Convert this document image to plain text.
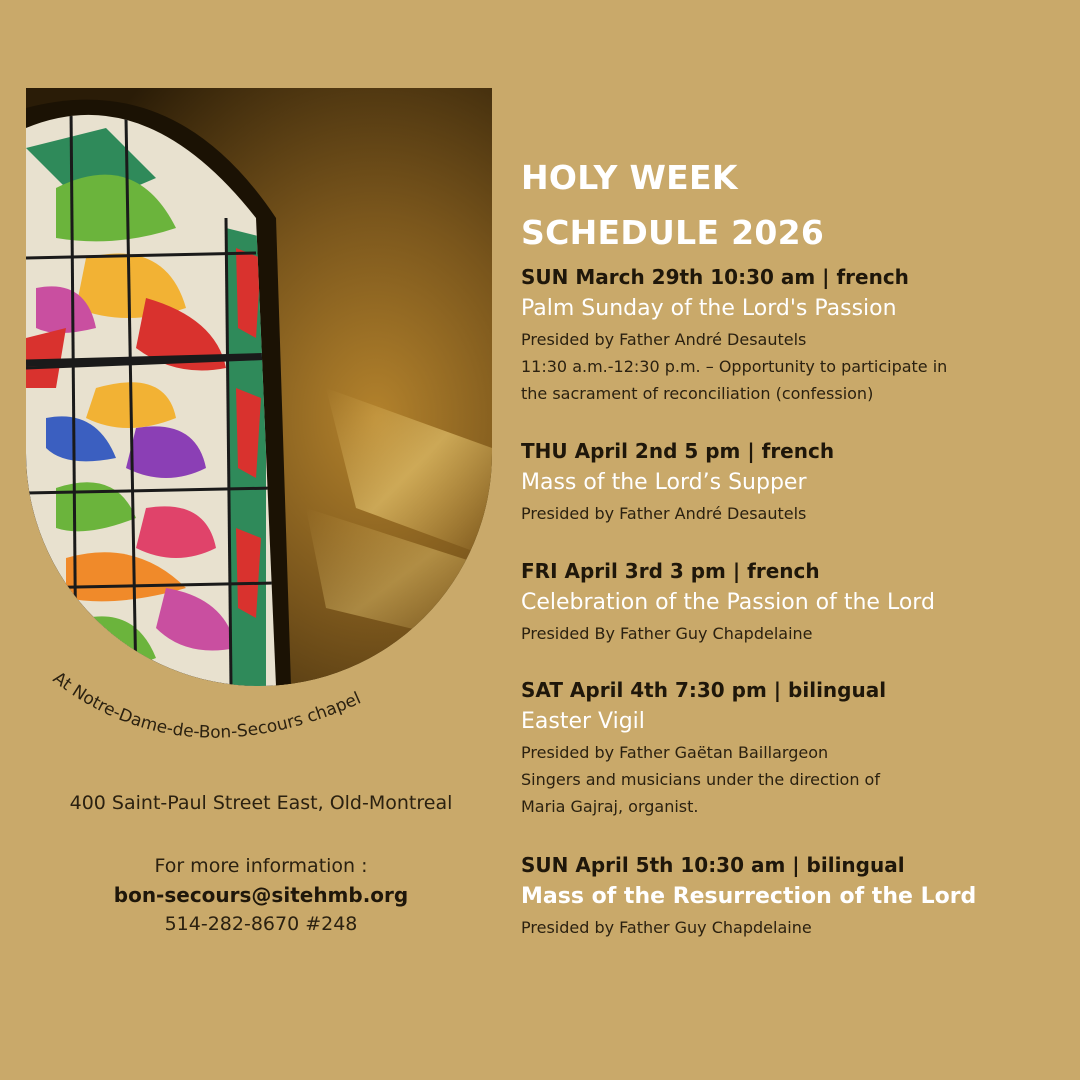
At Notre-Dame-de-Bon-Secours chapel
400 Saint-Paul Street East, Old-Montreal
For more information :
bon-secours@sitehmb.org
514-282-8670 #248
HOLY WEEK
SCHEDULE 2026
SUN March 29th 10:30 am | french
Palm Sunday of the Lord's Passion
Presided by Father André Desautels
11:30 a.m.-12:30 p.m. – Opportunity to participate in
the sacrament of reconciliation (confession)
THU April 2nd 5 pm | french
Mass of the Lord’s Supper
Presided by Father André Desautels
FRI April 3rd 3 pm | french
Celebration of the Passion of the Lord
Presided By Father Guy Chapdelaine
SAT April 4th 7:30 pm | bilingual
Easter Vigil
Presided by Father Gaëtan Baillargeon
Singers and musicians under the direction of
Maria Gajraj, organist.
SUN April 5th 10:30 am | bilingual
Mass of the Resurrection of the Lord
Presided by Father Guy Chapdelaine
